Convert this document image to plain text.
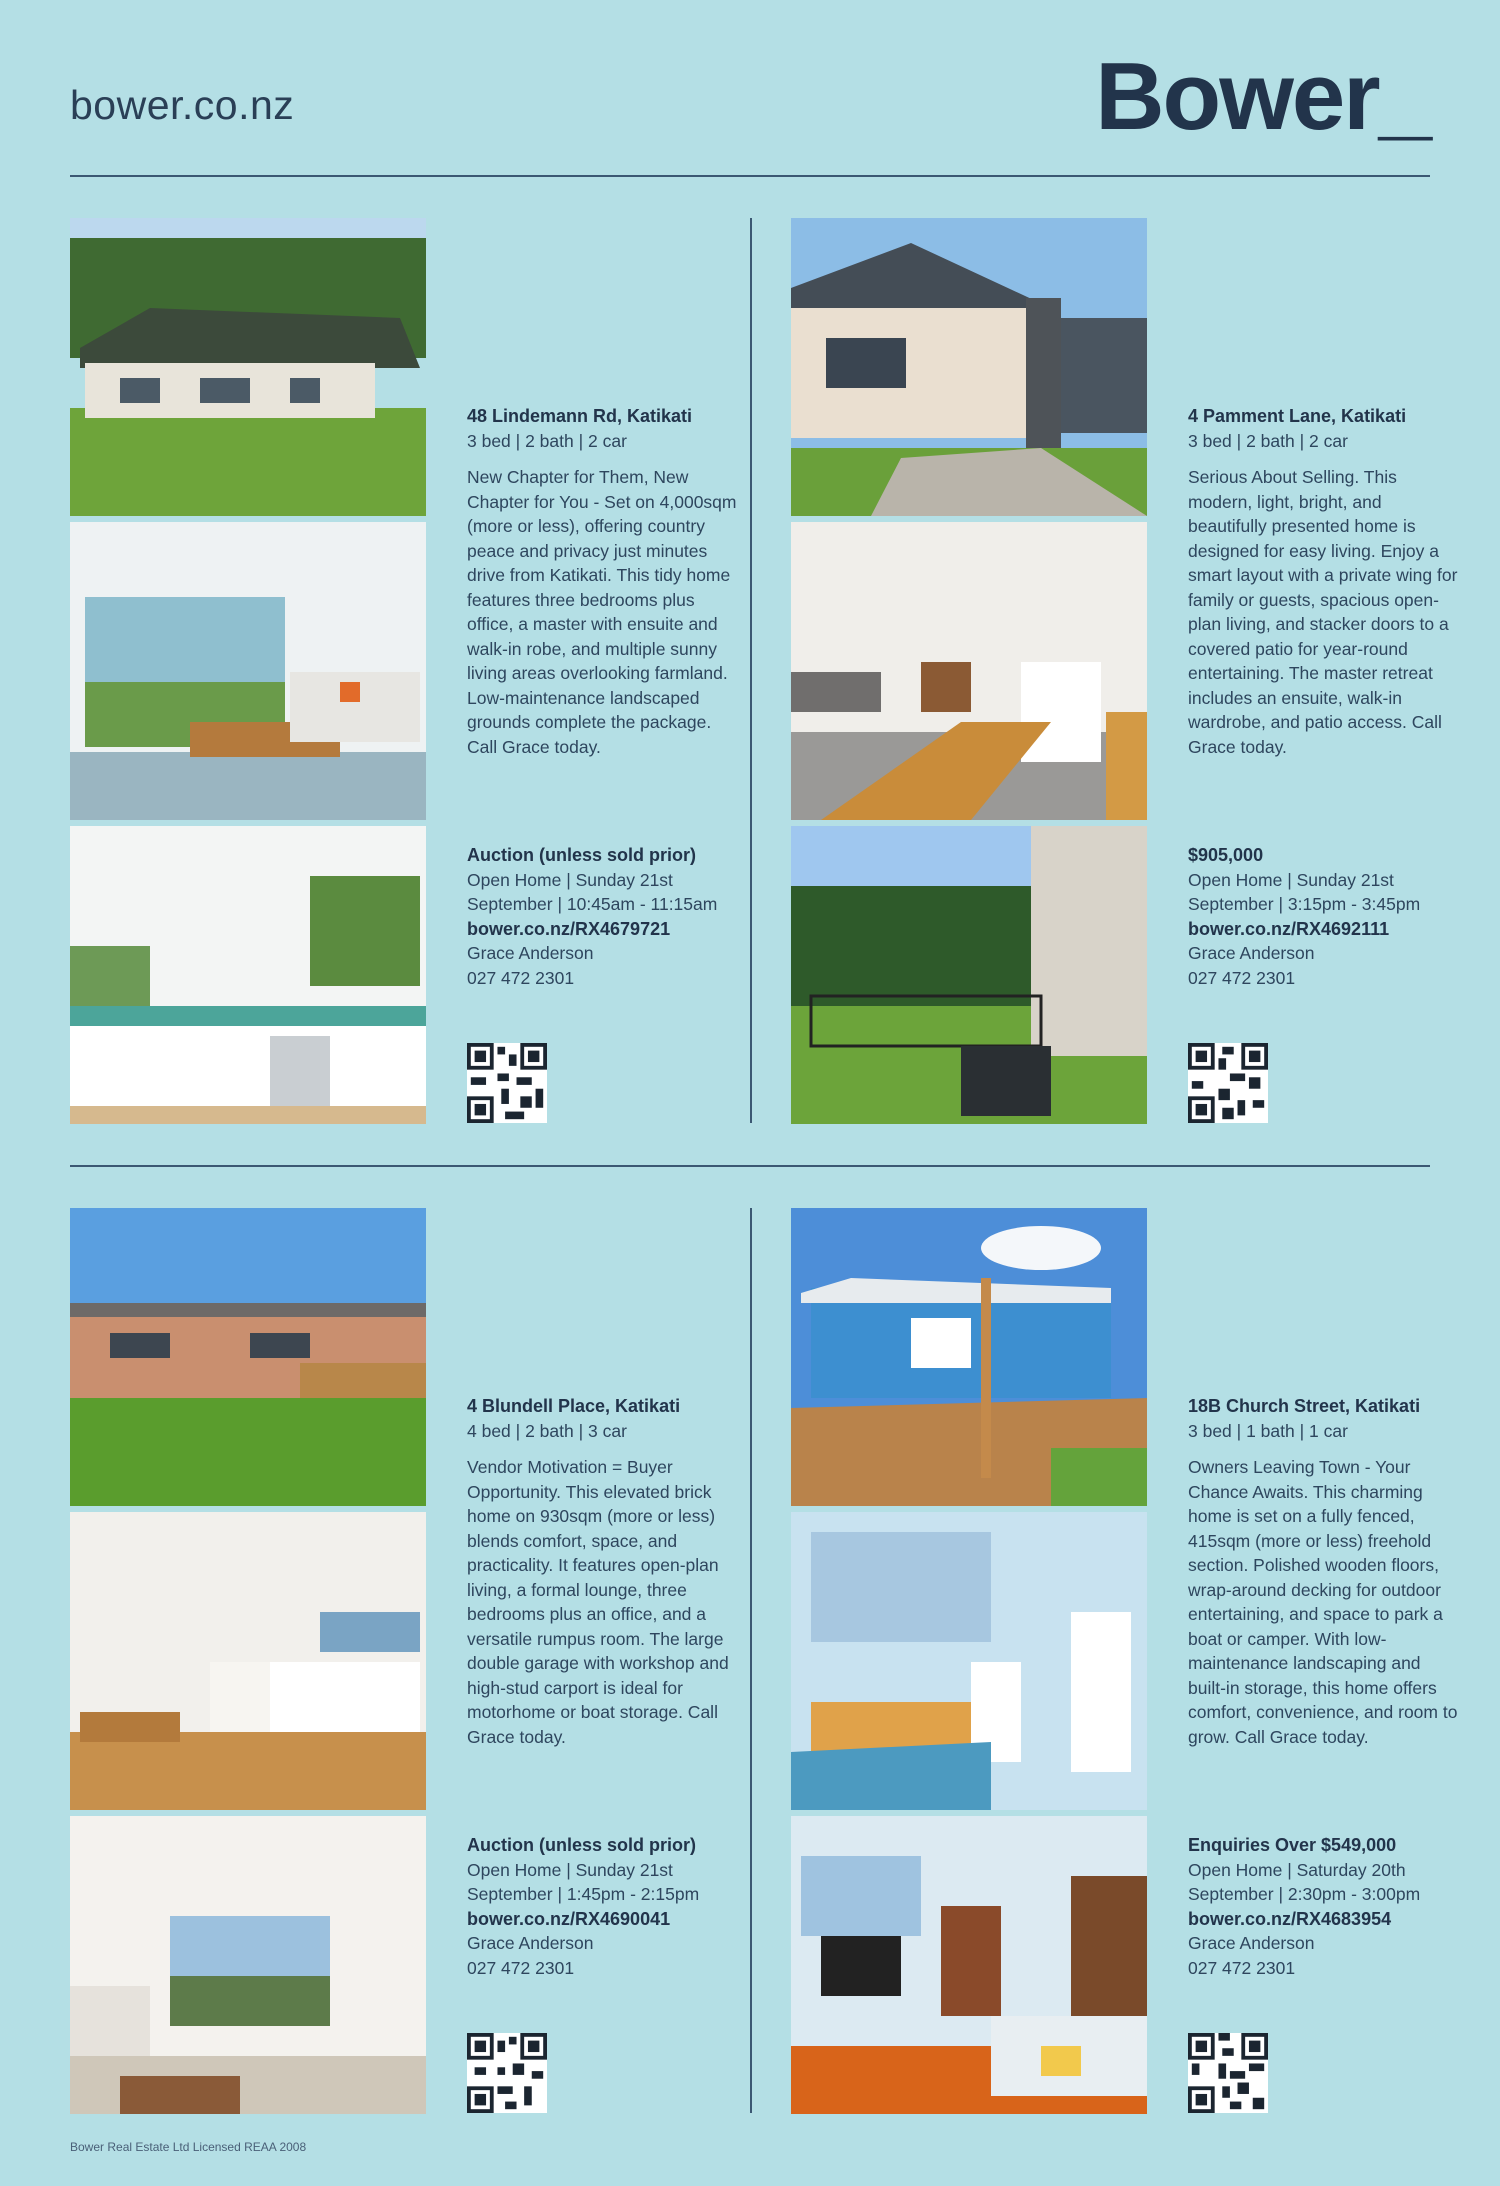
bower.co.nz	Bower_
48 Lindemann Rd, Katikati
3 bed | 2 bath | 2 car
New Chapter for Them, New Chapter for You - Set on 4,000sqm (more or less), offering country peace and privacy just minutes drive from Katikati. This tidy home features three bedrooms plus office, a master with ensuite and walk-in robe, and multiple sunny living areas overlooking farmland. Low-maintenance landscaped grounds complete the package. Call Grace today.
Auction (unless sold prior)
Open Home | Sunday 21st September | 10:45am - 11:15am
bower.co.nz/RX4679721
Grace Anderson
027 472 2301
4 Pamment Lane, Katikati
3 bed | 2 bath | 2 car
Serious About Selling. This modern, light, bright, and beautifully presented home is designed for easy living. Enjoy a smart layout with a private wing for family or guests, spacious open-plan living, and stacker doors to a covered patio for year-round entertaining. The master retreat includes an ensuite, walk-in wardrobe, and patio access. Call Grace today.
$905,000
Open Home | Sunday 21st September | 3:15pm - 3:45pm
bower.co.nz/RX4692111
Grace Anderson
027 472 2301
4 Blundell Place, Katikati
4 bed | 2 bath | 3 car
Vendor Motivation = Buyer Opportunity. This elevated brick home on 930sqm (more or less) blends comfort, space, and practicality. It features open-plan living, a formal lounge, three bedrooms plus an office, and a versatile rumpus room. The large double garage with workshop and high-stud carport is ideal for motorhome or boat storage. Call Grace today.
Auction (unless sold prior)
Open Home | Sunday 21st September | 1:45pm - 2:15pm
bower.co.nz/RX4690041
Grace Anderson
027 472 2301
18B Church Street, Katikati
3 bed | 1 bath | 1 car
Owners Leaving Town - Your Chance Awaits. This charming home is set on a fully fenced, 415sqm (more or less) freehold section. Polished wooden floors, wrap-around decking for outdoor entertaining, and space to park a boat or camper. With low-maintenance landscaping and built-in storage, this home offers comfort, convenience, and room to grow. Call Grace today.
Enquiries Over $549,000
Open Home | Saturday 20th September | 2:30pm - 3:00pm
bower.co.nz/RX4683954
Grace Anderson
027 472 2301
Bower Real Estate Ltd Licensed REAA 2008
